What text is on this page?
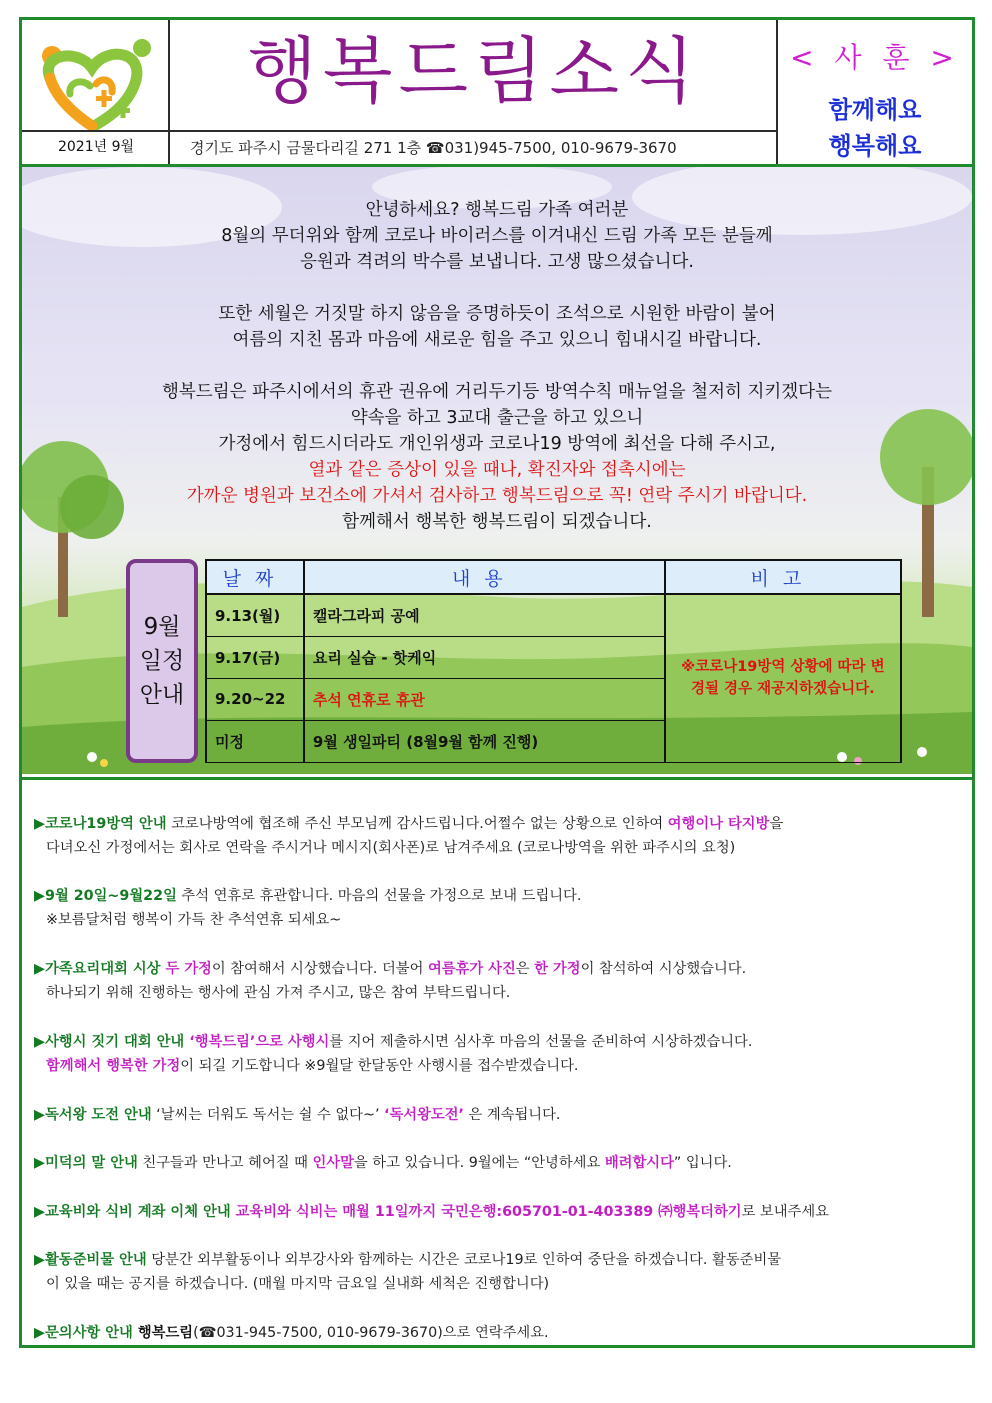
2021년 9월
행복드림소식
경기도 파주시 금물다리길 271 1층 ☎031)945-7500, 010-9679-3670
< 사 훈 >
함께해요
행복해요

안녕하세요? 행복드림 가족 여러분

8월의 무더위와 함께 코로나 바이러스를 이겨내신 드림 가족 모든 분들께

응원과 격려의 박수를 보냅니다. 고생 많으셨습니다.

또한 세월은 거짓말 하지 않음을 증명하듯이 조석으로 시원한 바람이 불어

여름의 지친 몸과 마음에 새로운 힘을 주고 있으니 힘내시길 바랍니다.

행복드림은 파주시에서의 휴관 권유에 거리두기등 방역수칙 매뉴얼을 철저히 지키겠다는

약속을 하고 3교대 출근을 하고 있으니

가정에서 힘드시더라도 개인위생과 코로나19 방역에 최선을 다해 주시고,

열과 같은 증상이 있을 때나, 확진자와 접촉시에는

가까운 병원과 보건소에 가셔서 검사하고 행복드림으로 꼭! 연락 주시기 바랍니다.

함께해서 행복한 행복드림이 되겠습니다.

9월
일정
안내
날짜	내용	비고
9.13(월)	캘라그라피 공예	※코로나19방역 상황에 따라 변경될 경우 재공지하겠습니다.
9.17(금)	요리 실습 - 핫케익	
9.20~22	추석 연휴로 휴관	
미정	9월 생일파티 (8월9월 함께 진행)	
▶코로나19방역 안내 코로나방역에 협조해 주신 부모님께 감사드립니다.어쩔수 없는 상황으로 인하여 여행이나 타지방을
다녀오신 가정에서는 회사로 연락을 주시거나 메시지(회사폰)로 남겨주세요 (코로나방역을 위한 파주시의 요청)
▶9월 20일~9월22일 추석 연휴로 휴관합니다. 마음의 선물을 가정으로 보내 드립니다.
※보름달처럼 행복이 가득 찬 추석연휴 되세요~
▶가족요리대회 시상 두 가정이 참여해서 시상했습니다. 더불어 여름휴가 사진은 한 가정이 참석하여 시상했습니다.
하나되기 위해 진행하는 행사에 관심 가져 주시고, 많은 참여 부탁드립니다.
▶사행시 짓기 대회 안내 ‘행복드림’으로 사행시를 지어 제출하시면 심사후 마음의 선물을 준비하여 시상하겠습니다.
함께해서 행복한 가정이 되길 기도합니다 ※9월달 한달동안 사행시를 접수받겠습니다.
▶독서왕 도전 안내 ‘날씨는 더워도 독서는 쉴 수 없다~’ ‘독서왕도전’ 은 계속됩니다.
▶미덕의 말 안내 친구들과 만나고 헤어질 때 인사말을 하고 있습니다. 9월에는 “안녕하세요 배려합시다” 입니다.
▶교육비와 식비 계좌 이체 안내 교육비와 식비는 매월 11일까지 국민은행:605701-01-403389 ㈜행복더하기로 보내주세요
▶활동준비물 안내 당분간 외부활동이나 외부강사와 함께하는 시간은 코로나19로 인하여 중단을 하겠습니다. 활동준비물
이 있을 때는 공지를 하겠습니다. (매월 마지막 금요일 실내화 세척은 진행합니다)
▶문의사항 안내 행복드림(☎031-945-7500, 010-9679-3670)으로 연락주세요.
